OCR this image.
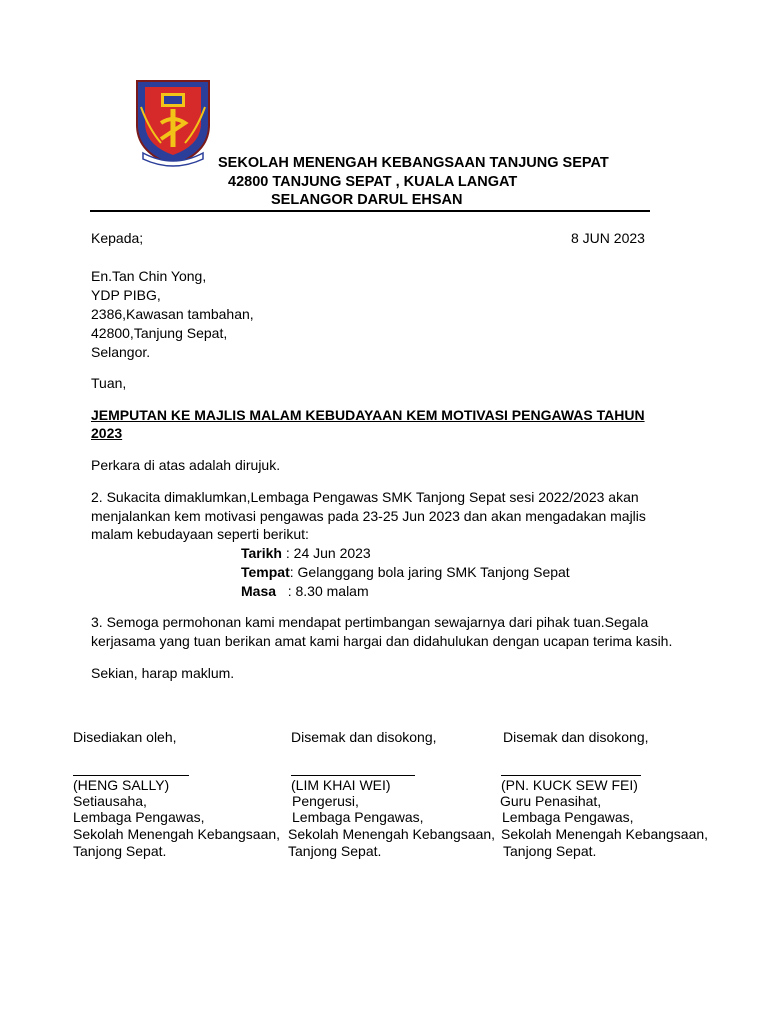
SEKOLAH MENENGAH KEBANGSAAN TANJUNG SEPAT
42800 TANJUNG SEPAT , KUALA LANGAT
SELANGOR DARUL EHSAN
Kepada;	8 JUN 2023
En.Tan Chin Yong,
YDP PIBG,
2386,Kawasan tambahan,
42800,Tanjung Sepat,
Selangor.
Tuan,
JEMPUTAN KE MAJLIS MALAM KEBUDAYAAN KEM MOTIVASI PENGAWAS TAHUN
2023
Perkara di atas adalah dirujuk.
2. Sukacita dimaklumkan,Lembaga Pengawas SMK Tanjong Sepat sesi 2022/2023 akan
menjalankan kem motivasi pengawas pada 23-25 Jun 2023 dan akan mengadakan majlis
malam kebudayaan seperti berikut:
Tarikh : 24 Jun 2023
Tempat: Gelanggang bola jaring SMK Tanjong Sepat
Masa   : 8.30 malam
3. Semoga permohonan kami mendapat pertimbangan sewajarnya dari pihak tuan.Segala
kerjasama yang tuan berikan amat kami hargai dan didahulukan dengan ucapan terima kasih.
Sekian, harap maklum.
Disediakan oleh,
(HENG SALLY)
Setiausaha,
Lembaga Pengawas,
Sekolah Menengah Kebangsaan,
Tanjong Sepat.
Disemak dan disokong,
(LIM KHAI WEI)
Pengerusi,
Lembaga Pengawas,
Sekolah Menengah Kebangsaan,
Tanjong Sepat.
Disemak dan disokong,
(PN. KUCK SEW FEI)
Guru Penasihat,
Lembaga Pengawas,
Sekolah Menengah Kebangsaan,
Tanjong Sepat.
